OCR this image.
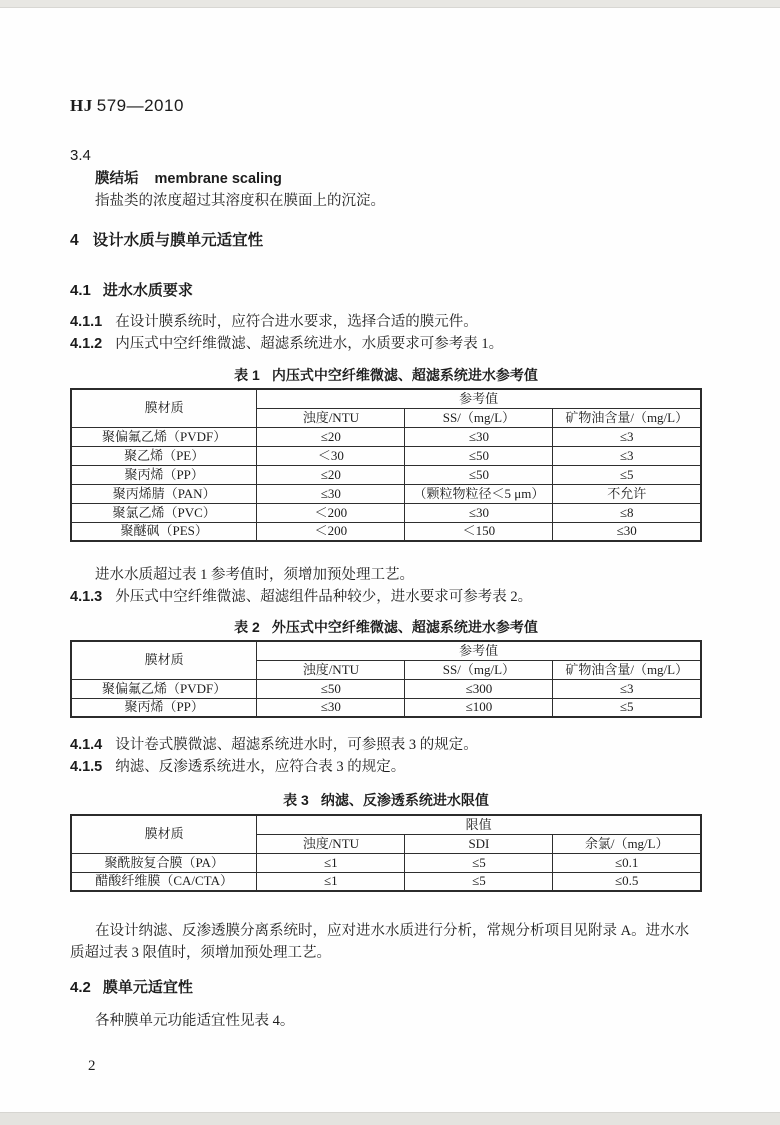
HJ 579—2010
3.4
膜结垢 membrane scaling
指盐类的浓度超过其溶度积在膜面上的沉淀。
4 设计水质与膜单元适宜性
4.1 进水水质要求
4.1.1 在设计膜系统时，应符合进水要求，选择合适的膜元件。
4.1.2 内压式中空纤维微滤、超滤系统进水，水质要求可参考表 1。
表 1 内压式中空纤维微滤、超滤系统进水参考值
膜材质	参考值		
	浊度/NTU	SS/（mg/L）	矿物油含量/（mg/L）
聚偏氟乙烯（PVDF）	≤20	≤30	≤3
聚乙烯（PE）	＜30	≤50	≤3
聚丙烯（PP）	≤20	≤50	≤5
聚丙烯腈（PAN）	≤30	（颗粒物粒径＜5 μm）	不允许
聚氯乙烯（PVC）	＜200	≤30	≤8
聚醚砜（PES）	＜200	＜150	≤30
进水水质超过表 1 参考值时，须增加预处理工艺。
4.1.3 外压式中空纤维微滤、超滤组件品种较少，进水要求可参考表 2。
表 2 外压式中空纤维微滤、超滤系统进水参考值
膜材质	参考值		
	浊度/NTU	SS/（mg/L）	矿物油含量/（mg/L）
聚偏氟乙烯（PVDF）	≤50	≤300	≤3
聚丙烯（PP）	≤30	≤100	≤5
4.1.4 设计卷式膜微滤、超滤系统进水时，可参照表 3 的规定。
4.1.5 纳滤、反渗透系统进水，应符合表 3 的规定。
表 3 纳滤、反渗透系统进水限值
膜材质	限值		
	浊度/NTU	SDI	余氯/（mg/L）
聚酰胺复合膜（PA）	≤1	≤5	≤0.1
醋酸纤维膜（CA/CTA）	≤1	≤5	≤0.5
在设计纳滤、反渗透膜分离系统时，应对进水水质进行分析，常规分析项目见附录 A。进水水质超过表 3 限值时，须增加预处理工艺。
4.2 膜单元适宜性
各种膜单元功能适宜性见表 4。
2
